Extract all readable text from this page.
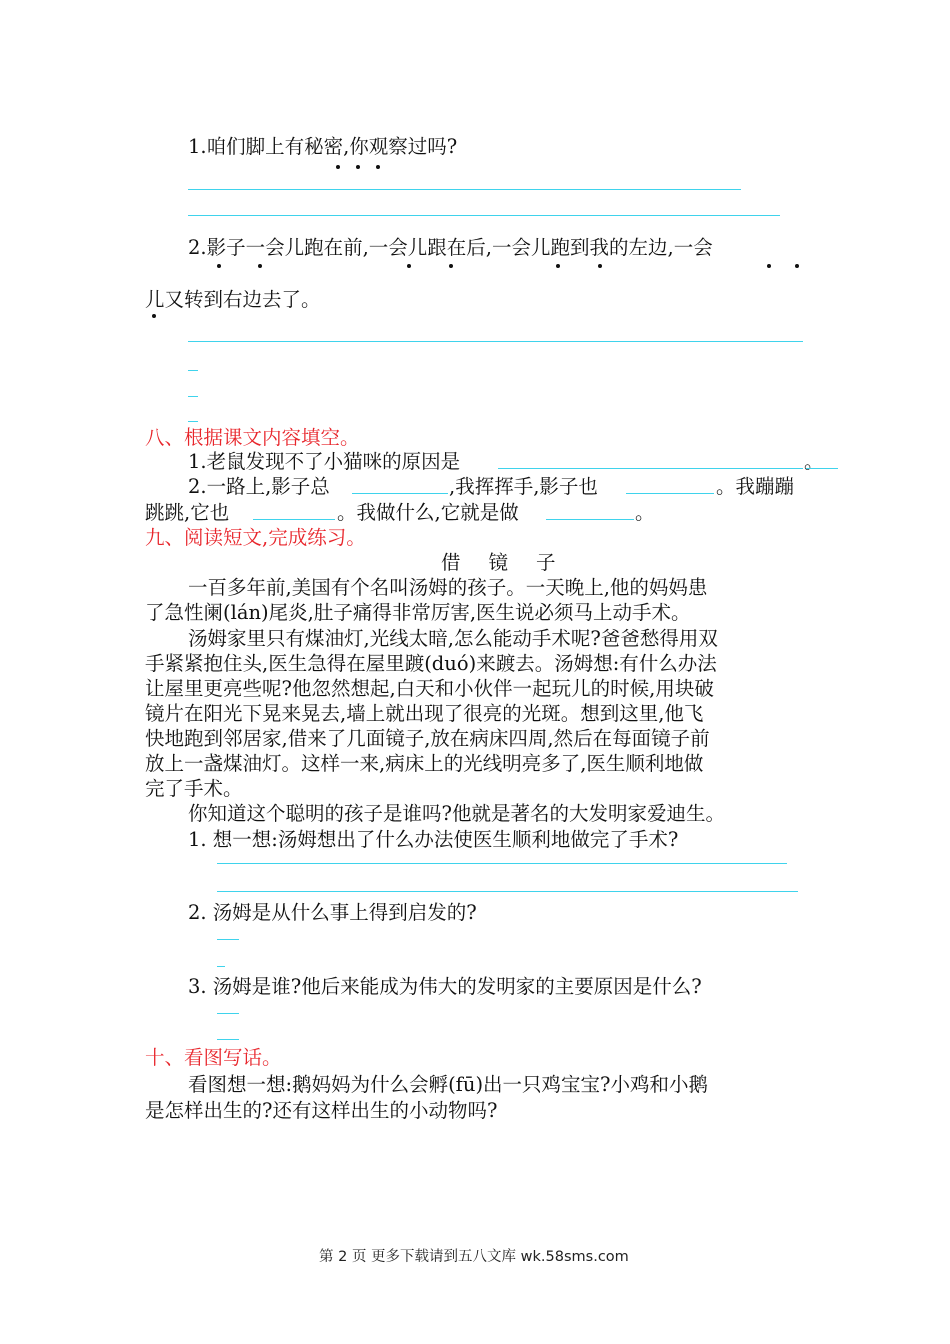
1.咱们脚上有秘密,你观察过吗?
2.影子一会儿跑在前,一会儿跟在后,一会儿跑到我的左边,一会
儿又转到右边去了。
八、根据课文内容填空。
1.老鼠发现不了小猫咪的原因是	。
2.一路上,影子总	,我挥挥手,影子也	。我蹦蹦
跳跳,它也	。我做什么,它就是做	。
九、阅读短文,完成练习。
借镜子
一百多年前,美国有个名叫汤姆的孩子。一天晚上,他的妈妈患
了急性阑(lán)尾炎,肚子痛得非常厉害,医生说必须马上动手术。
汤姆家里只有煤油灯,光线太暗,怎么能动手术呢?爸爸愁得用双
手紧紧抱住头,医生急得在屋里踱(duó)来踱去。汤姆想:有什么办法
让屋里更亮些呢?他忽然想起,白天和小伙伴一起玩儿的时候,用块破
镜片在阳光下晃来晃去,墙上就出现了很亮的光斑。想到这里,他飞
快地跑到邻居家,借来了几面镜子,放在病床四周,然后在每面镜子前
放上一盏煤油灯。这样一来,病床上的光线明亮多了,医生顺利地做
完了手术。
你知道这个聪明的孩子是谁吗?他就是著名的大发明家爱迪生。
1. 想一想:汤姆想出了什么办法使医生顺利地做完了手术?
2. 汤姆是从什么事上得到启发的?
3. 汤姆是谁?他后来能成为伟大的发明家的主要原因是什么?
十、看图写话。
看图想一想:鹅妈妈为什么会孵(fū)出一只鸡宝宝?小鸡和小鹅
是怎样出生的?还有这样出生的小动物吗?
第 2 页 更多下载请到五八文库 wk.58sms.com
